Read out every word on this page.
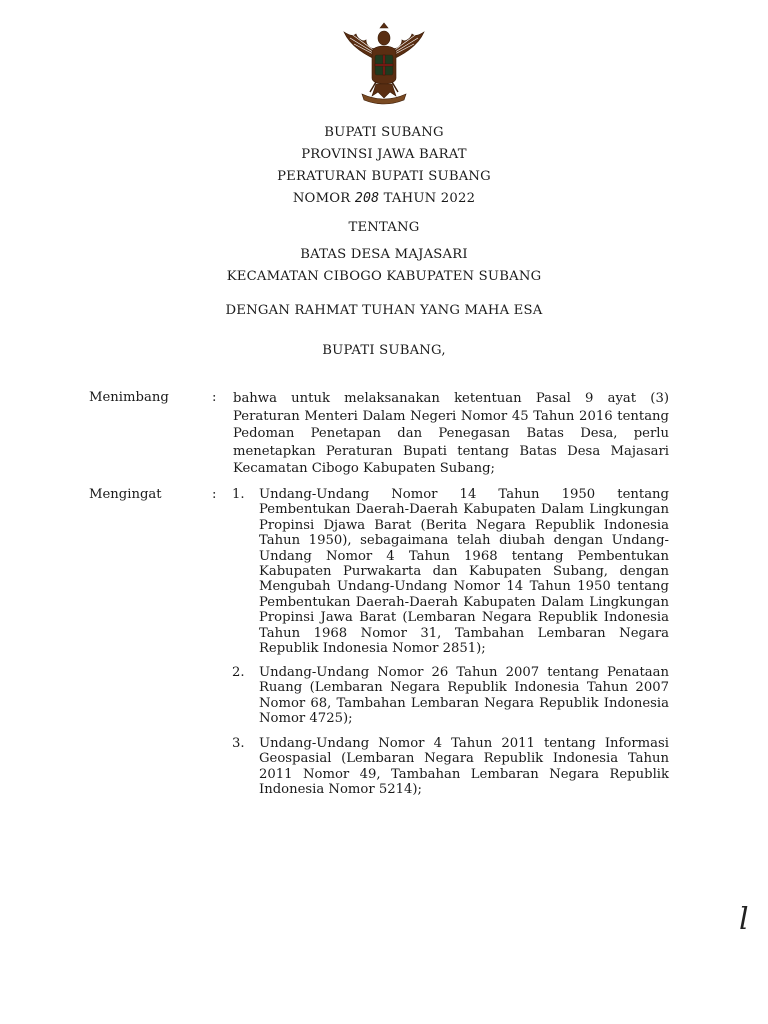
BUPATI SUBANG
PROVINSI JAWA BARAT
PERATURAN BUPATI SUBANG
NOMOR 208 TAHUN 2022
TENTANG
BATAS DESA MAJASARI
KECAMATAN CIBOGO KABUPATEN SUBANG
DENGAN RAHMAT TUHAN YANG MAHA ESA
BUPATI SUBANG,
Menimbang	: bahwa untuk melaksanakan ketentuan Pasal 9 ayat (3) Peraturan Menteri Dalam Negeri Nomor 45 Tahun 2016 tentang Pedoman Penetapan dan Penegasan Batas Desa, perlu menetapkan Peraturan Bupati tentang Batas Desa Majasari Kecamatan Cibogo Kabupaten Subang;
Mengingat	: 1. Undang-Undang Nomor 14 Tahun 1950 tentang Pembentukan Daerah-Daerah Kabupaten Dalam Lingkungan Propinsi Djawa Barat (Berita Negara Republik Indonesia Tahun 1950), sebagaimana telah diubah dengan Undang-Undang Nomor 4 Tahun 1968 tentang Pembentukan Kabupaten Purwakarta dan Kabupaten Subang, dengan Mengubah Undang-Undang Nomor 14 Tahun 1950 tentang Pembentukan Daerah-Daerah Kabupaten Dalam Lingkungan Propinsi Jawa Barat (Lembaran Negara Republik Indonesia Tahun 1968 Nomor 31, Tambahan Lembaran Negara Republik Indonesia Nomor 2851);
2. Undang-Undang Nomor 26 Tahun 2007 tentang Penataan Ruang (Lembaran Negara Republik Indonesia Tahun 2007 Nomor 68, Tambahan Lembaran Negara Republik Indonesia Nomor 4725);
3. Undang-Undang Nomor 4 Tahun 2011 tentang Informasi Geospasial (Lembaran Negara Republik Indonesia Tahun 2011 Nomor 49, Tambahan Lembaran Negara Republik Indonesia Nomor 5214);
l
